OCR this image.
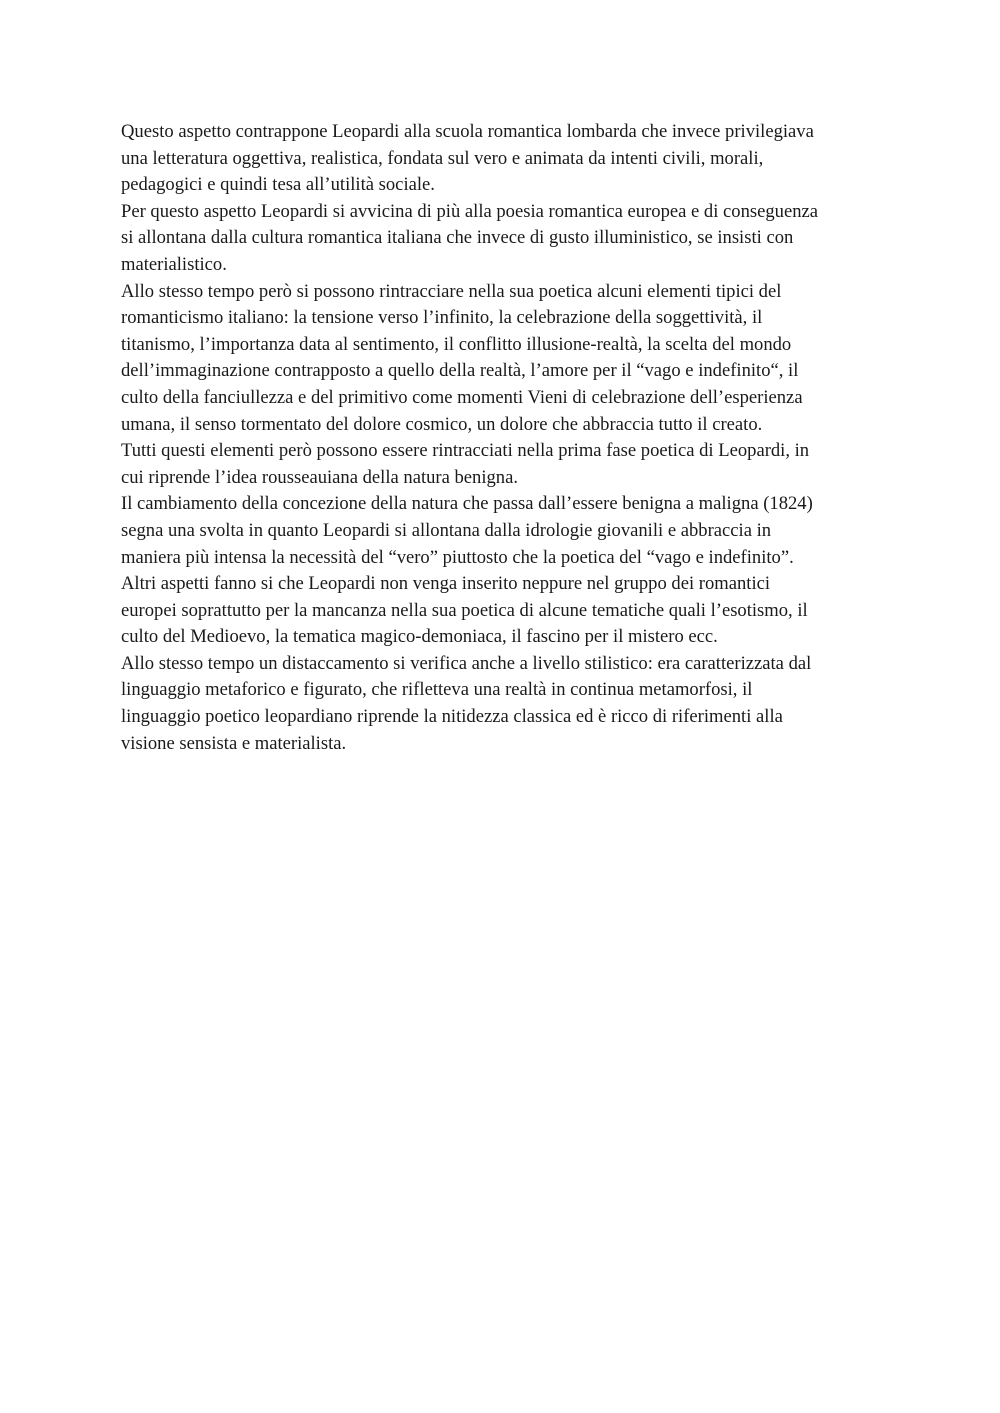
Questo aspetto contrappone Leopardi alla scuola romantica lombarda che invece privilegiava
una letteratura oggettiva, realistica, fondata sul vero e animata da intenti civili, morali,
pedagogici e quindi tesa all’utilità sociale.
Per questo aspetto Leopardi si avvicina di più alla poesia romantica europea e di conseguenza
si allontana dalla cultura romantica italiana che invece di gusto illuministico, se insisti con
materialistico.
Allo stesso tempo però si possono rintracciare nella sua poetica alcuni elementi tipici del
romanticismo italiano: la tensione verso l’infinito, la celebrazione della soggettività, il
titanismo, l’importanza data al sentimento, il conflitto illusione-realtà, la scelta del mondo
dell’immaginazione contrapposto a quello della realtà, l’amore per il “vago e indefinito“, il
culto della fanciullezza e del primitivo come momenti Vieni di celebrazione dell’esperienza
umana, il senso tormentato del dolore cosmico, un dolore che abbraccia tutto il creato.
Tutti questi elementi però possono essere rintracciati nella prima fase poetica di Leopardi, in
cui riprende l’idea rousseauiana della natura benigna.
Il cambiamento della concezione della natura che passa dall’essere benigna a maligna (1824)
segna una svolta in quanto Leopardi si allontana dalla idrologie giovanili e abbraccia in
maniera più intensa la necessità del “vero” piuttosto che la poetica del “vago e indefinito”.
Altri aspetti fanno si che Leopardi non venga inserito neppure nel gruppo dei romantici
europei soprattutto per la mancanza nella sua poetica di alcune tematiche quali l’esotismo, il
culto del Medioevo, la tematica magico-demoniaca, il fascino per il mistero ecc.
Allo stesso tempo un distaccamento si verifica anche a livello stilistico: era caratterizzata dal
linguaggio metaforico e figurato, che rifletteva una realtà in continua metamorfosi, il
linguaggio poetico leopardiano riprende la nitidezza classica ed è ricco di riferimenti alla
visione sensista e materialista.
